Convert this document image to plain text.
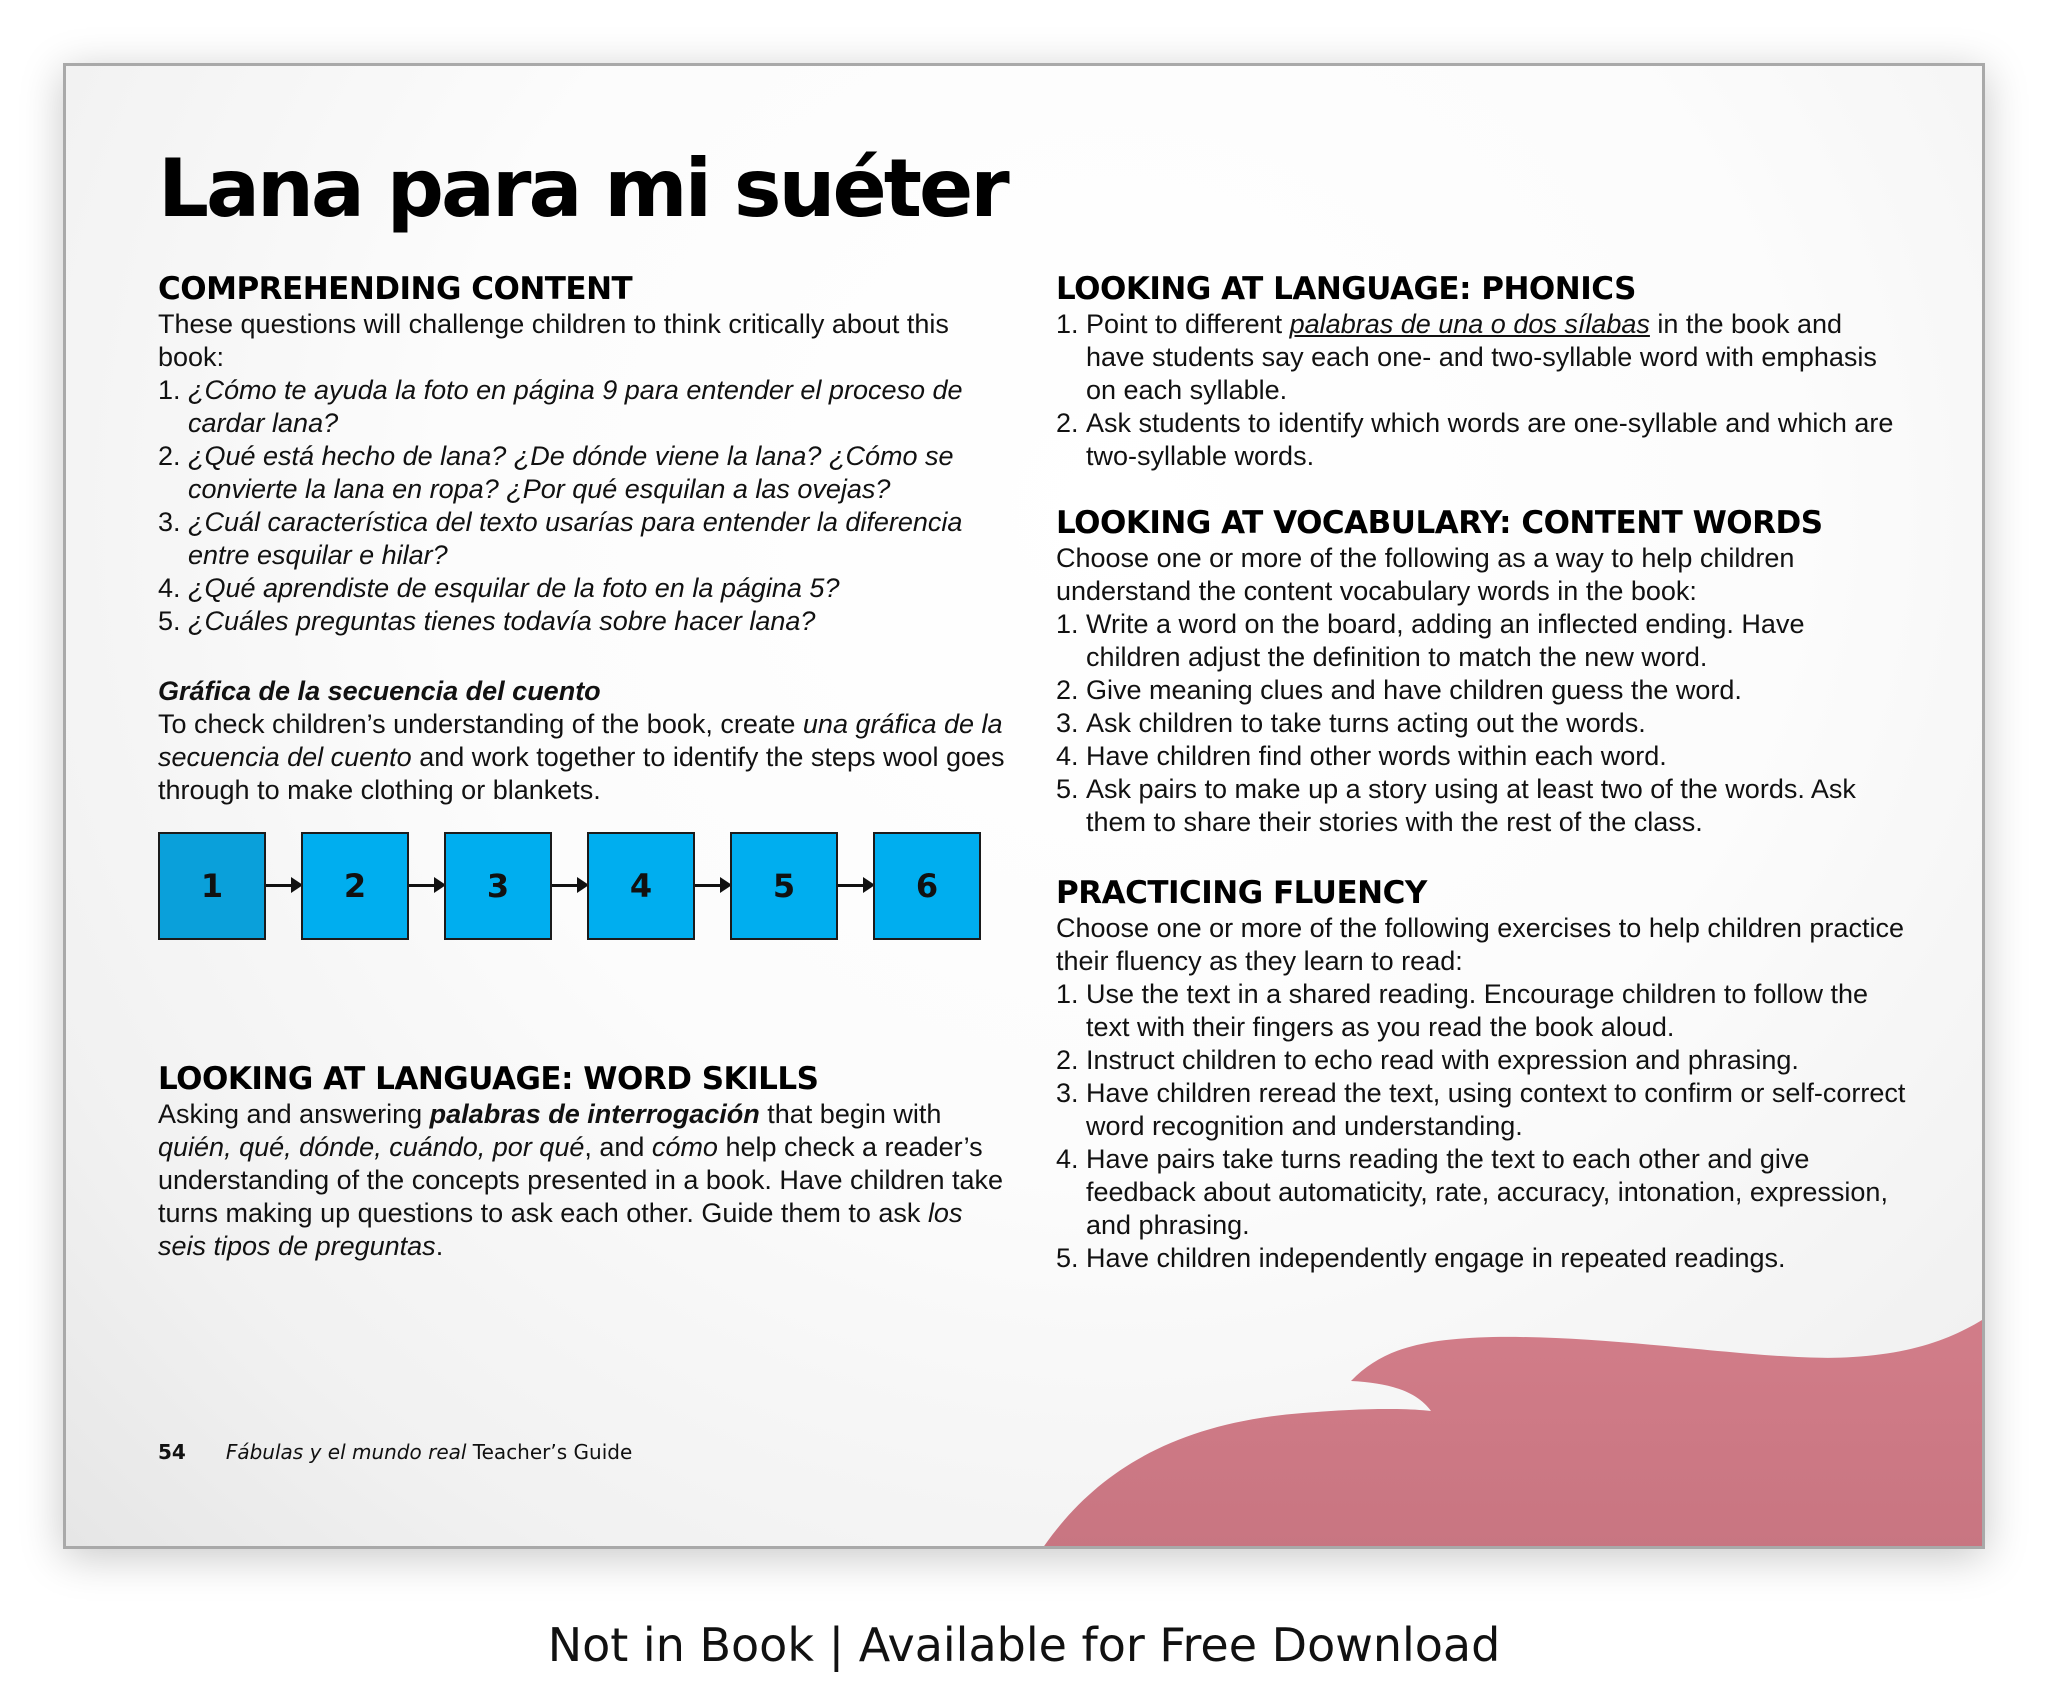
Lana para mi suéter
COMPREHENDING CONTENT

These questions will challenge children to think critically about this book:

1. ¿Cómo te ayuda la foto en página 9 para entender el proceso de cardar lana?
2. ¿Qué está hecho de lana? ¿De dónde viene la lana? ¿Cómo se convierte la lana en ropa? ¿Por qué esquilan a las ovejas?
3. ¿Cuál característica del texto usarías para entender la diferencia entre esquilar e hilar?
4. ¿Qué aprendiste de esquilar de la foto en la página 5?
5. ¿Cuáles preguntas tienes todavía sobre hacer lana?
Gráfica de la secuencia del cuento

To check children’s understanding of the book, create una gráfica de la secuencia del cuento and work together to identify the steps wool goes through to make clothing or blankets.

1	2	3	4	5	6
LOOKING AT LANGUAGE: WORD SKILLS

Asking and answering palabras de interrogación that begin with quién, qué, dónde, cuándo, por qué, and cómo help check a reader’s understanding of the concepts presented in a book. Have children take turns making up questions to ask each other. Guide them to ask los seis tipos de preguntas.

LOOKING AT LANGUAGE: PHONICS
1. Point to different palabras de una o dos sílabas in the book and have students say each one- and two-syllable word with emphasis on each syllable.
2. Ask students to identify which words are one-syllable and which are two-syllable words.
LOOKING AT VOCABULARY: CONTENT WORDS

Choose one or more of the following as a way to help children understand the content vocabulary words in the book:

1. Write a word on the board, adding an inflected ending. Have children adjust the definition to match the new word.
2. Give meaning clues and have children guess the word.
3. Ask children to take turns acting out the words.
4. Have children find other words within each word.
5. Ask pairs to make up a story using at least two of the words. Ask them to share their stories with the rest of the class.
PRACTICING FLUENCY

Choose one or more of the following exercises to help children practice their fluency as they learn to read:

1. Use the text in a shared reading. Encourage children to follow the text with their fingers as you read the book aloud.
2. Instruct children to echo read with expression and phrasing.
3. Have children reread the text, using context to confirm or self-correct word recognition and understanding.
4. Have pairs take turns reading the text to each other and give feedback about automaticity, rate, accuracy, intonation, expression, and phrasing.
5. Have children independently engage in repeated readings.
54 Fábulas y el mundo real Teacher’s Guide
Not in Book | Available for Free Download
